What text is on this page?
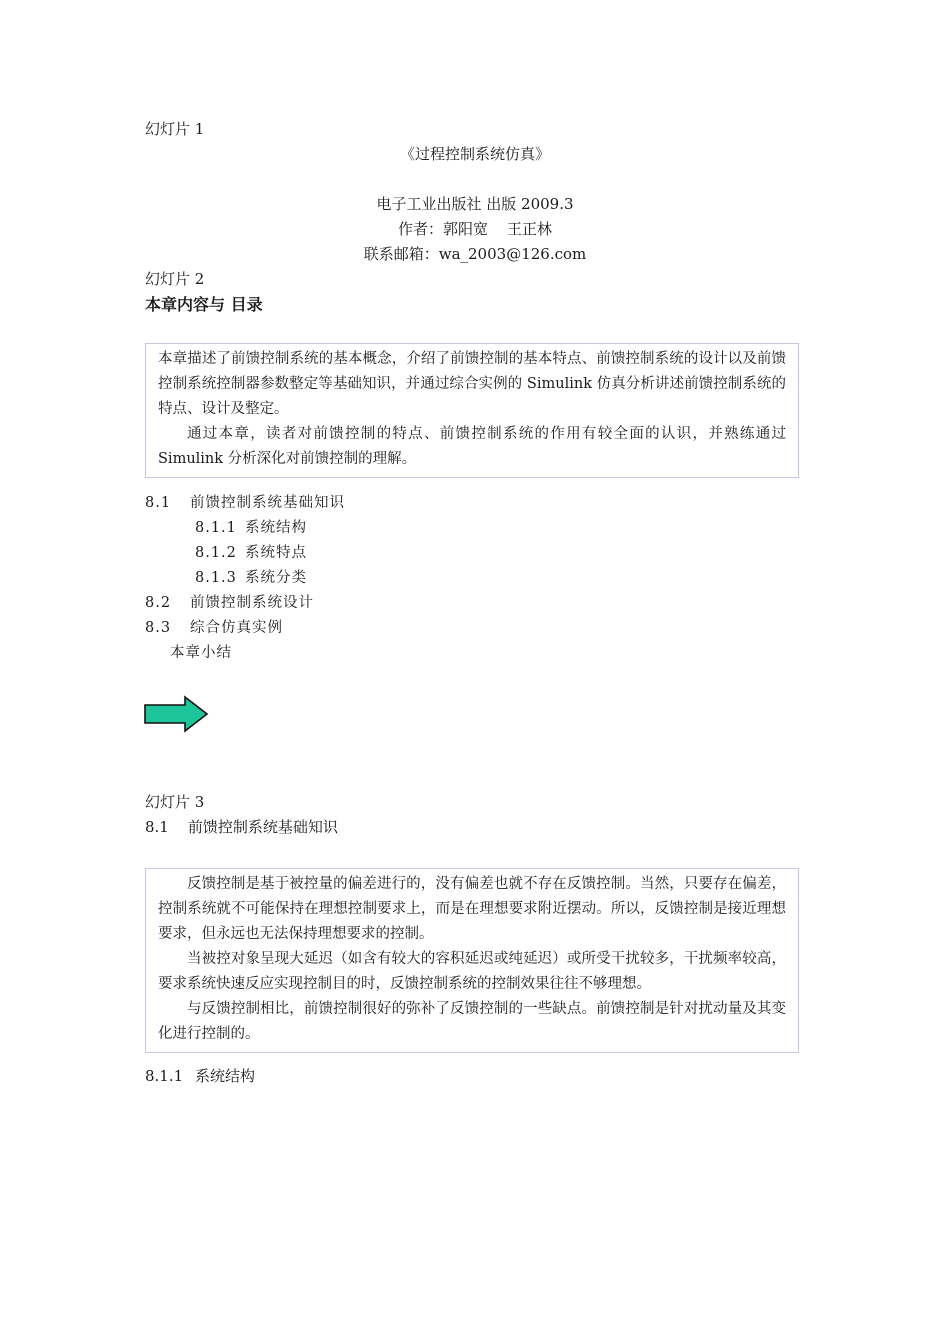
幻灯片 1
《过程控制系统仿真》
电子工业出版社 出版 2009.3
作者：郭阳宽    王正林
联系邮箱：wa_2003@126.com
幻灯片 2
本章内容与 目录

本章描述了前馈控制系统的基本概念，介绍了前馈控制的基本特点、前馈控制系统的设计以及前馈控制系统控制器参数整定等基础知识，并通过综合实例的 Simulink 仿真分析讲述前馈控制系统的特点、设计及整定。

通过本章，读者对前馈控制的特点、前馈控制系统的作用有较全面的认识，并熟练通过 Simulink 分析深化对前馈控制的理解。

8.1 前馈控制系统基础知识
8.1.1 系统结构
8.1.2 系统特点
8.1.3 系统分类
8.2 前馈控制系统设计
8.3 综合仿真实例
本章小结
幻灯片 3
8.1    前馈控制系统基础知识

反馈控制是基于被控量的偏差进行的，没有偏差也就不存在反馈控制。当然，只要存在偏差，控制系统就不可能保持在理想控制要求上，而是在理想要求附近摆动。所以，反馈控制是接近理想要求，但永远也无法保持理想要求的控制。

当被控对象呈现大延迟（如含有较大的容积延迟或纯延迟）或所受干扰较多，干扰频率较高，要求系统快速反应实现控制目的时，反馈控制系统的控制效果往往不够理想。

与反馈控制相比，前馈控制很好的弥补了反馈控制的一些缺点。前馈控制是针对扰动量及其变化进行控制的。

8.1.1 系统结构
